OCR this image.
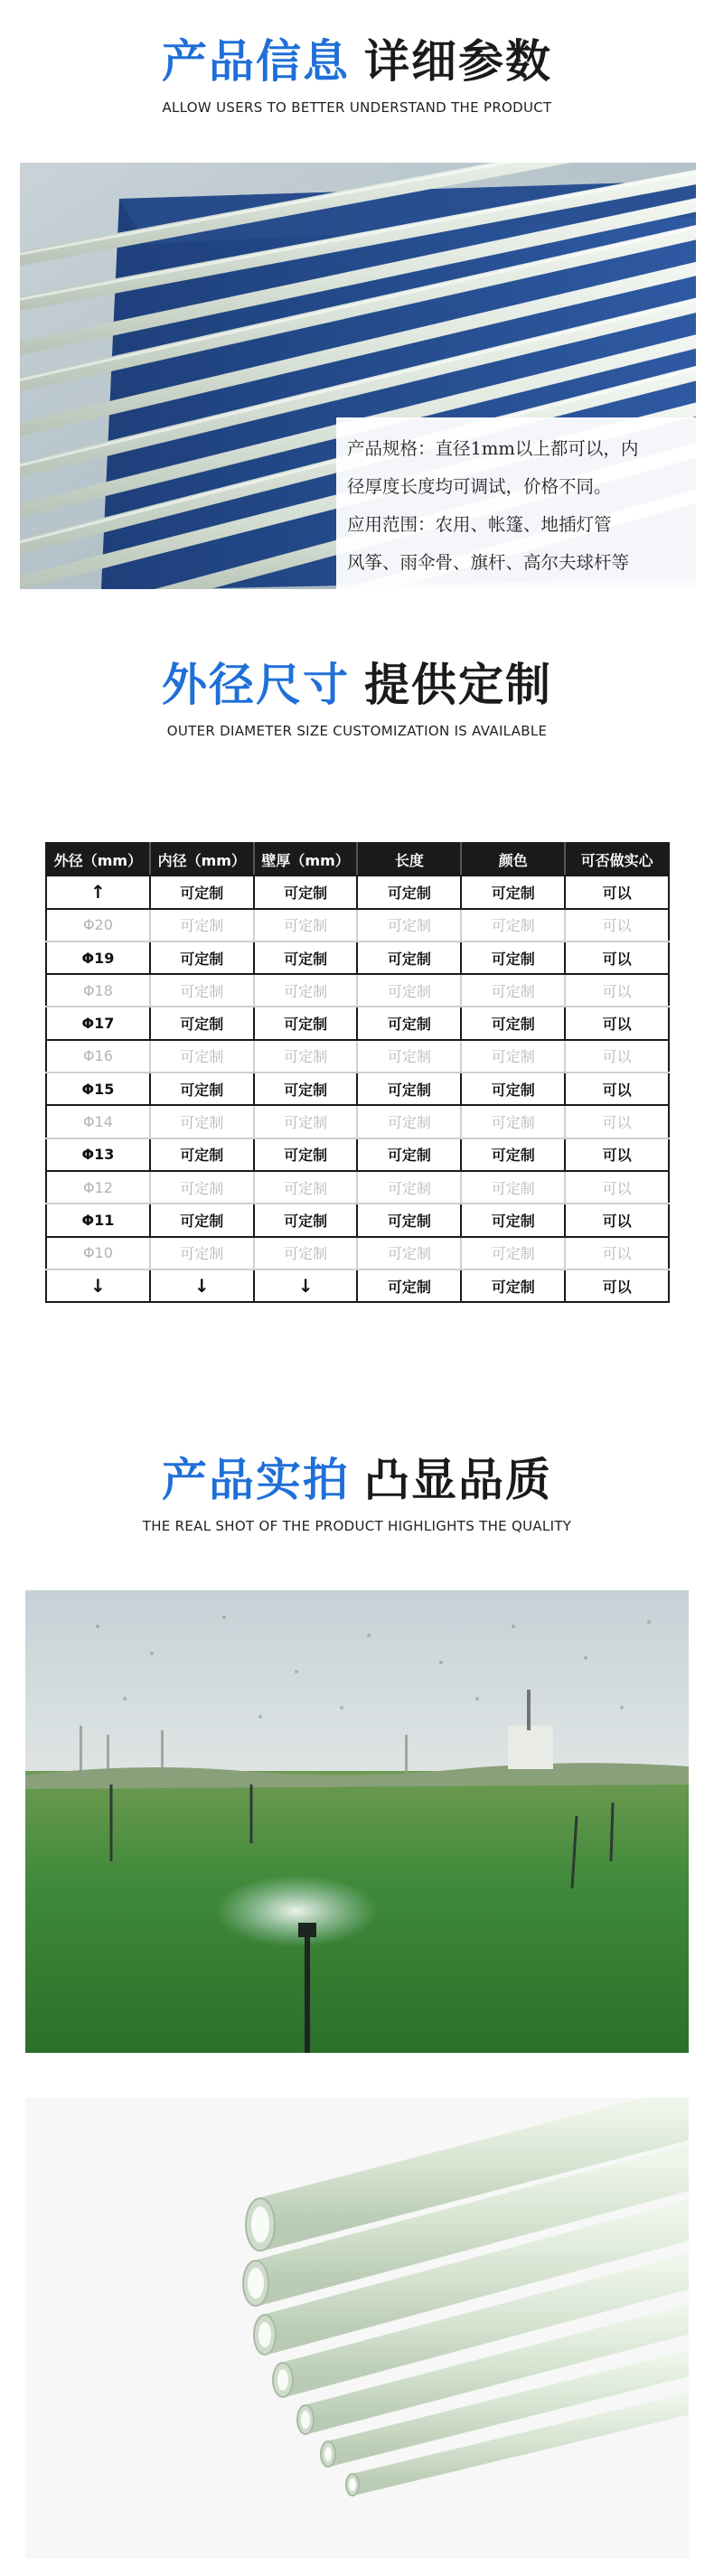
产品信息 详细参数
ALLOW USERS TO BETTER UNDERSTAND THE PRODUCT

产品规格：直径1mm以上都可以，内

径厚度长度均可调试，价格不同。

应用范围：农用、帐篷、地插灯管

风筝、雨伞骨、旗杆、高尔夫球杆等

外径尺寸 提供定制
OUTER DIAMETER SIZE CUSTOMIZATION IS AVAILABLE
外径（mm）	内径（mm）	壁厚（mm）	长度	颜色	可否做实心
↑	可定制	可定制	可定制	可定制	可以
Φ20	可定制	可定制	可定制	可定制	可以
Φ19	可定制	可定制	可定制	可定制	可以
Φ18	可定制	可定制	可定制	可定制	可以
Φ17	可定制	可定制	可定制	可定制	可以
Φ16	可定制	可定制	可定制	可定制	可以
Φ15	可定制	可定制	可定制	可定制	可以
Φ14	可定制	可定制	可定制	可定制	可以
Φ13	可定制	可定制	可定制	可定制	可以
Φ12	可定制	可定制	可定制	可定制	可以
Φ11	可定制	可定制	可定制	可定制	可以
Φ10	可定制	可定制	可定制	可定制	可以
↓	↓	↓	可定制	可定制	可以
产品实拍 凸显品质
THE REAL SHOT OF THE PRODUCT HIGHLIGHTS THE QUALITY
